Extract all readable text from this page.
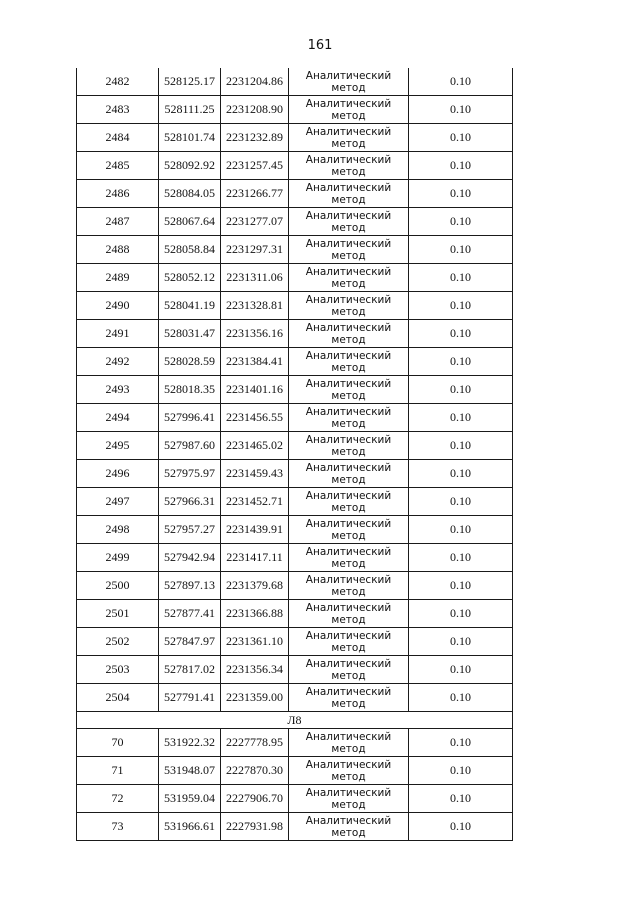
161
2482	528125.17	2231204.86	Аналитический
метод	0.10
2483	528111.25	2231208.90	Аналитический
метод	0.10
2484	528101.74	2231232.89	Аналитический
метод	0.10
2485	528092.92	2231257.45	Аналитический
метод	0.10
2486	528084.05	2231266.77	Аналитический
метод	0.10
2487	528067.64	2231277.07	Аналитический
метод	0.10
2488	528058.84	2231297.31	Аналитический
метод	0.10
2489	528052.12	2231311.06	Аналитический
метод	0.10
2490	528041.19	2231328.81	Аналитический
метод	0.10
2491	528031.47	2231356.16	Аналитический
метод	0.10
2492	528028.59	2231384.41	Аналитический
метод	0.10
2493	528018.35	2231401.16	Аналитический
метод	0.10
2494	527996.41	2231456.55	Аналитический
метод	0.10
2495	527987.60	2231465.02	Аналитический
метод	0.10
2496	527975.97	2231459.43	Аналитический
метод	0.10
2497	527966.31	2231452.71	Аналитический
метод	0.10
2498	527957.27	2231439.91	Аналитический
метод	0.10
2499	527942.94	2231417.11	Аналитический
метод	0.10
2500	527897.13	2231379.68	Аналитический
метод	0.10
2501	527877.41	2231366.88	Аналитический
метод	0.10
2502	527847.97	2231361.10	Аналитический
метод	0.10
2503	527817.02	2231356.34	Аналитический
метод	0.10
2504	527791.41	2231359.00	Аналитический
метод	0.10
Л8				
70	531922.32	2227778.95	Аналитический
метод	0.10
71	531948.07	2227870.30	Аналитический
метод	0.10
72	531959.04	2227906.70	Аналитический
метод	0.10
73	531966.61	2227931.98	Аналитический
метод	0.10
